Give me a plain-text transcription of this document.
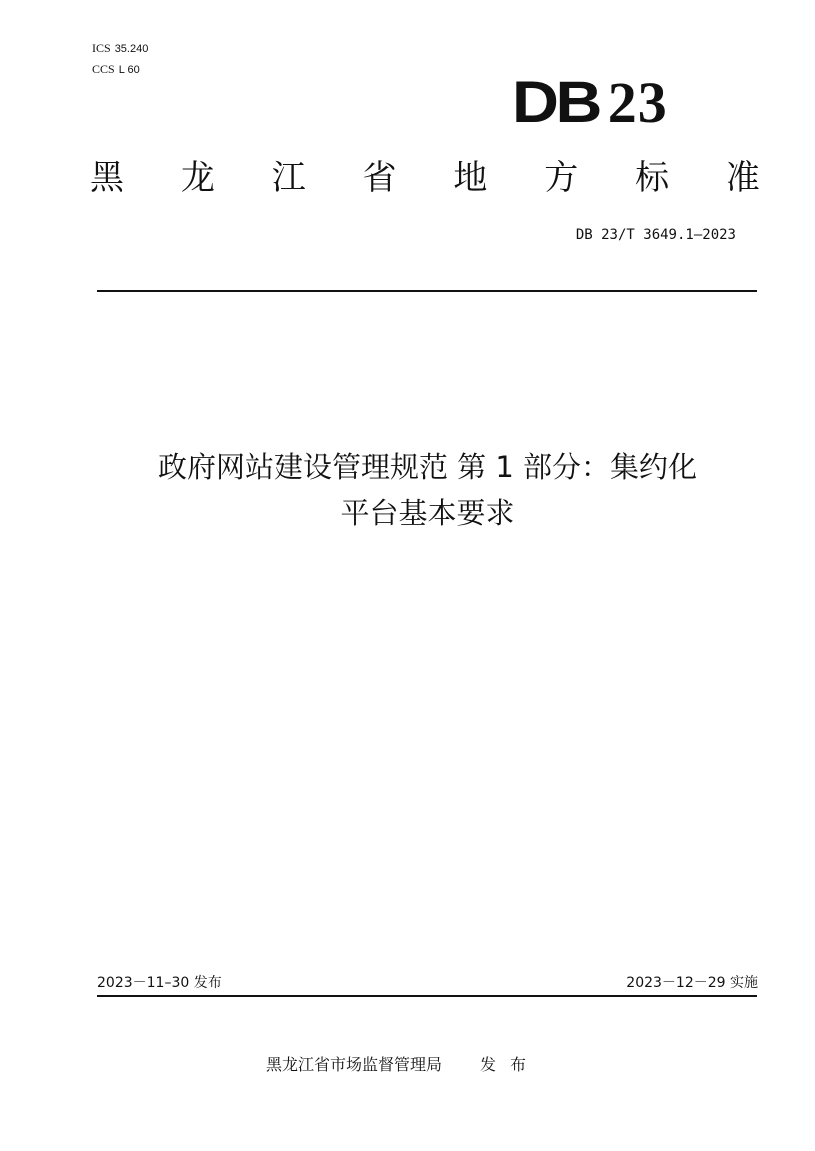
ICS 35.240
CCS L 60	DB 23
黑 龙 江 省 地 方 标 准
DB 23/T 3649.1—2023
政府网站建设管理规范 第 1 部分：集约化
平台基本要求
2023－11–30 发布	2023－12－29 实施
黑龙江省市场监督管理局 发布
